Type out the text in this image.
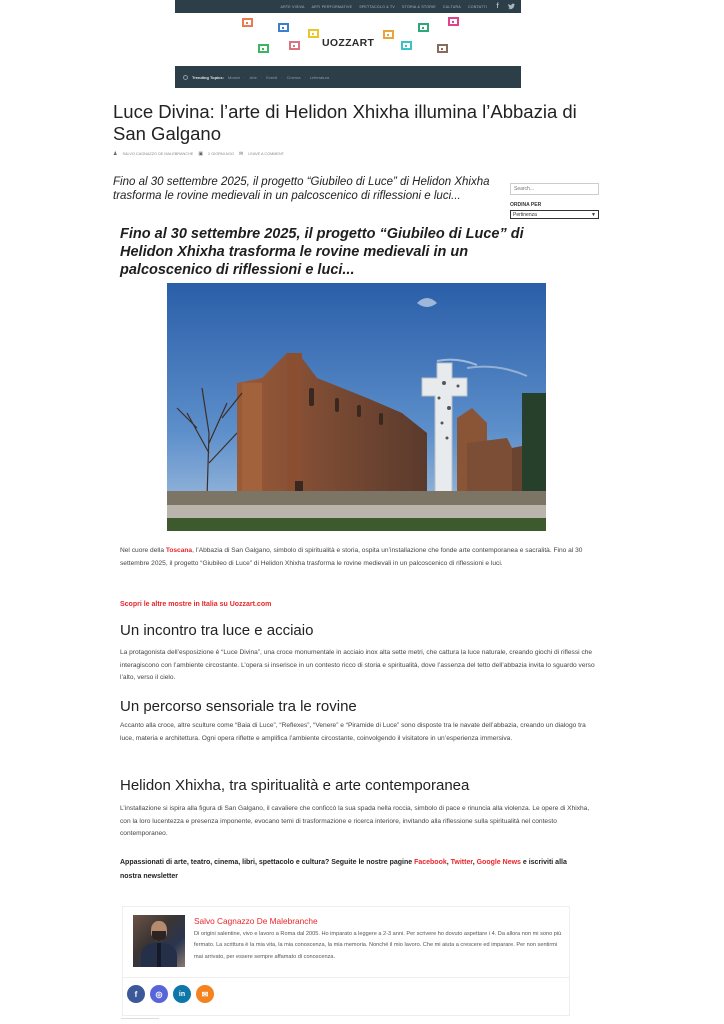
ARTE VISIVA ARTI PERFORMATIVE SPETTACOLO & TV STORIA & STORIE CULTURA CONTATTI	f
UOZZART
Trending Topics: Mostre · Arte · Eventi · Cinema · Letteratura
Luce Divina: l’arte di Helidon Xhixha illumina l’Abbazia di San Galgano
♟ SALVO CAGNAZZO DE MALEBRANCHE ▣ 2 GIORNI AGO ✉ LEAVE A COMMENT

Fino al 30 settembre 2025, il progetto “Giubileo di Luce” di Helidon Xhixha trasforma le rovine medievali in un palcoscenico di riflessioni e luci...

Search...
ORDINA PER
Pertinenza	▼

Fino al 30 settembre 2025, il progetto “Giubileo di Luce” di Helidon Xhixha trasforma le rovine medievali in un palcoscenico di riflessioni e luci...

Nel cuore della Toscana, l’Abbazia di San Galgano, simbolo di spiritualità e storia, ospita un’installazione che fonde arte contemporanea e sacralità. Fino al 30 settembre 2025, il progetto “Giubileo di Luce” di Helidon Xhixha trasforma le rovine medievali in un palcoscenico di riflessioni e luci.

Scopri le altre mostre in Italia su Uozzart.com
Un incontro tra luce e acciaio

La protagonista dell’esposizione è “Luce Divina”, una croce monumentale in acciaio inox alta sette metri, che cattura la luce naturale, creando giochi di riflessi che interagiscono con l’ambiente circostante. L’opera si inserisce in un contesto ricco di storia e spiritualità, dove l’assenza del tetto dell’abbazia invita lo sguardo verso l’alto, verso il cielo.

Un percorso sensoriale tra le rovine

Accanto alla croce, altre sculture come “Baia di Luce”, “Reflexes”, “Venere” e “Piramide di Luce” sono disposte tra le navate dell’abbazia, creando un dialogo tra luce, materia e architettura. Ogni opera riflette e amplifica l’ambiente circostante, coinvolgendo il visitatore in un’esperienza immersiva.

Helidon Xhixha, tra spiritualità e arte contemporanea

L’installazione si ispira alla figura di San Galgano, il cavaliere che conficcò la sua spada nella roccia, simbolo di pace e rinuncia alla violenza. Le opere di Xhixha, con la loro lucentezza e presenza imponente, evocano temi di trasformazione e ricerca interiore, invitando alla riflessione sulla spiritualità nel contesto contemporaneo.

Appassionati di arte, teatro, cinema, libri, spettacolo e cultura? Seguite le nostre pagine Facebook, Twitter, Google News e iscriviti alla nostra newsletter

Salvo Cagnazzo De Malebranche

Di origini salentine, vivo e lavoro a Roma dal 2005. Ho imparato a leggere a 2-3 anni. Per scrivere ho dovuto aspettare i 4. Da allora non mi sono più fermato. La scrittura è la mia vita, la mia conoscenza, la mia memoria. Nonché il mio lavoro. Che mi aiuta a crescere ed imparare. Per non sentirmi mai arrivato, per essere sempre affamato di conoscenza.

f	◎	in	✉
